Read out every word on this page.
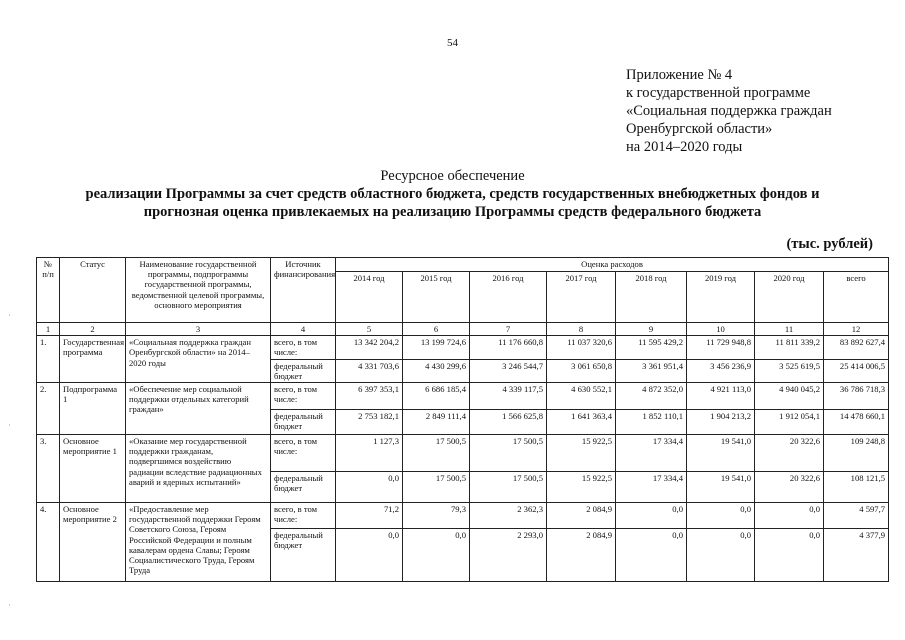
54
Приложение № 4
к государственной программе
«Социальная поддержка граждан
Оренбургской области»
на 2014–2020 годы
Ресурсное обеспечение
реализации Программы за счет средств областного бюджета, средств государственных внебюджетных фондов и
прогнозная оценка привлекаемых на реализацию Программы средств федерального бюджета
(тыс. рублей)
№ п/п	Статус	Наименование государственной программы, подпрограммы государственной программы, ведомственной целевой программы, основного мероприятия	Источник финансирования	Оценка расходов							
				2014 год	2015 год	2016 год	2017 год	2018 год	2019 год	2020 год	всего
1	2	3	4	5	6	7	8	9	10	11	12
1.	Государственная программа	«Социальная поддержка граждан Оренбургской области» на 2014–2020 годы	всего, в том числе:	13 342 204,2	13 199 724,6	11 176 660,8	11 037 320,6	11 595 429,2	11 729 948,8	11 811 339,2	83 892 627,4
			федеральный бюджет	4 331 703,6	4 430 299,6	3 246 544,7	3 061 650,8	3 361 951,4	3 456 236,9	3 525 619,5	25 414 006,5
2.	Подпрограмма 1	«Обеспечение мер социальной поддержки отдельных категорий граждан»	всего, в том числе:	6 397 353,1	6 686 185,4	4 339 117,5	4 630 552,1	4 872 352,0	4 921 113,0	4 940 045,2	36 786 718,3
			федеральный бюджет	2 753 182,1	2 849 111,4	1 566 625,8	1 641 363,4	1 852 110,1	1 904 213,2	1 912 054,1	14 478 660,1
3.	Основное мероприятие 1	«Оказание мер государственной поддержки гражданам, подвергшимся воздействию радиации вследствие радиационных аварий и ядерных испытаний»	всего, в том числе:	1 127,3	17 500,5	17 500,5	15 922,5	17 334,4	19 541,0	20 322,6	109 248,8
			федеральный бюджет	0,0	17 500,5	17 500,5	15 922,5	17 334,4	19 541,0	20 322,6	108 121,5
4.	Основное мероприятие 2	«Предоставление мер государственной поддержки Героям Советского Союза, Героям Российской Федерации и полным кавалерам ордена Славы; Героям Социалистического Труда, Героям Труда	всего, в том числе:	71,2	79,3	2 362,3	2 084,9	0,0	0,0	0,0	4 597,7
			федеральный бюджет	0,0	0,0	2 293,0	2 084,9	0,0	0,0	0,0	4 377,9
·
·
·
